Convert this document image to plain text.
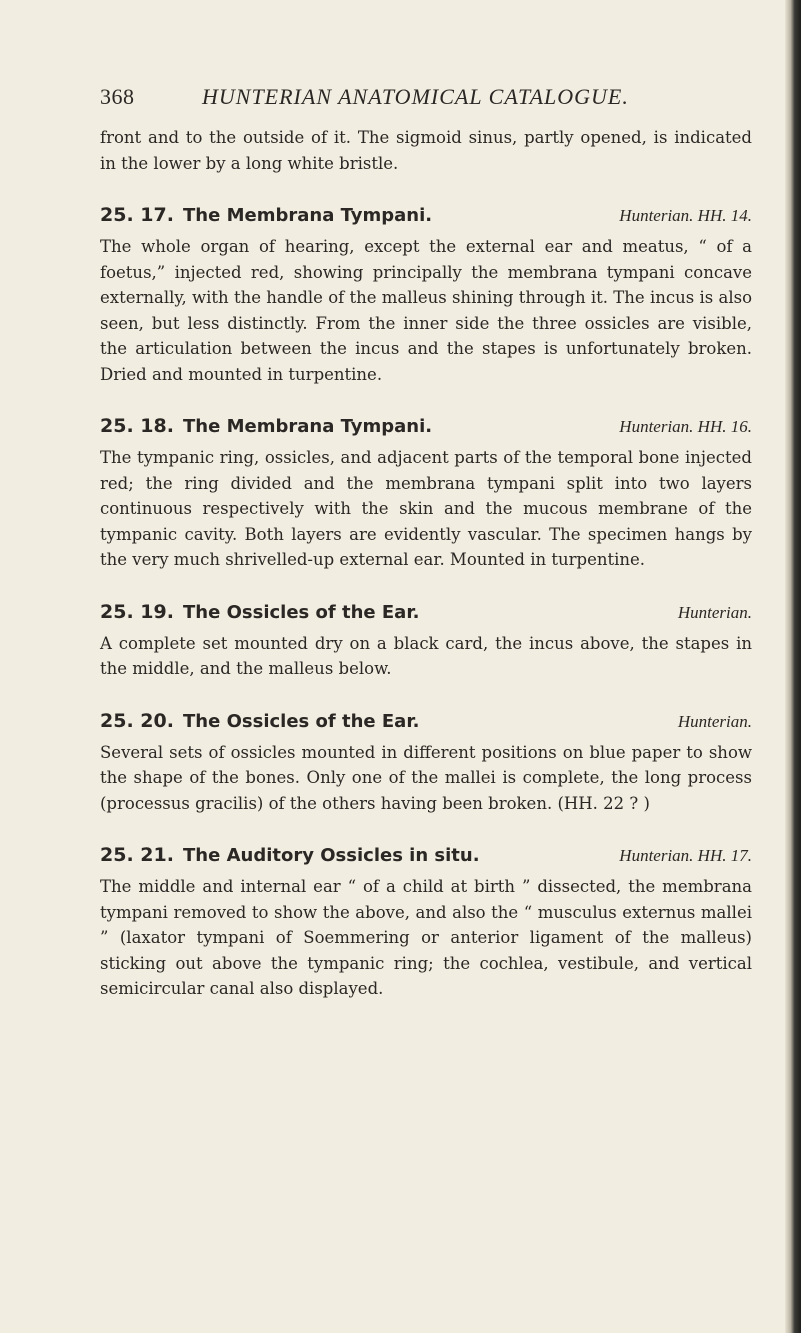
368	HUNTERIAN ANATOMICAL CATALOGUE.

front and to the outside of it. The sigmoid sinus, partly opened, is indicated in the lower by a long white bristle.

25. 17. The Membrana Tympani.	Hunterian. HH. 14.

The whole organ of hearing, except the external ear and meatus, “ of a foetus,” injected red, showing principally the membrana tympani concave externally, with the handle of the malleus shining through it. The incus is also seen, but less distinctly. From the inner side the three ossicles are visible, the articulation between the incus and the stapes is unfortunately broken. Dried and mounted in turpentine.

25. 18. The Membrana Tympani.	Hunterian. HH. 16.

The tympanic ring, ossicles, and adjacent parts of the temporal bone injected red; the ring divided and the membrana tympani split into two layers continuous respectively with the skin and the mucous membrane of the tympanic cavity. Both layers are evidently vascular. The specimen hangs by the very much shrivelled-up external ear. Mounted in turpentine.

25. 19. The Ossicles of the Ear.	Hunterian.

A complete set mounted dry on a black card, the incus above, the stapes in the middle, and the malleus below.

25. 20. The Ossicles of the Ear.	Hunterian.

Several sets of ossicles mounted in different positions on blue paper to show the shape of the bones. Only one of the mallei is complete, the long process (processus gracilis) of the others having been broken. (HH. 22 ? )

25. 21. The Auditory Ossicles in situ.	Hunterian. HH. 17.

The middle and internal ear “ of a child at birth ” dissected, the membrana tympani removed to show the above, and also the “ musculus externus mallei ” (laxator tympani of Soemmering or anterior ligament of the malleus) sticking out above the tympanic ring; the cochlea, vestibule, and vertical semicircular canal also displayed.
